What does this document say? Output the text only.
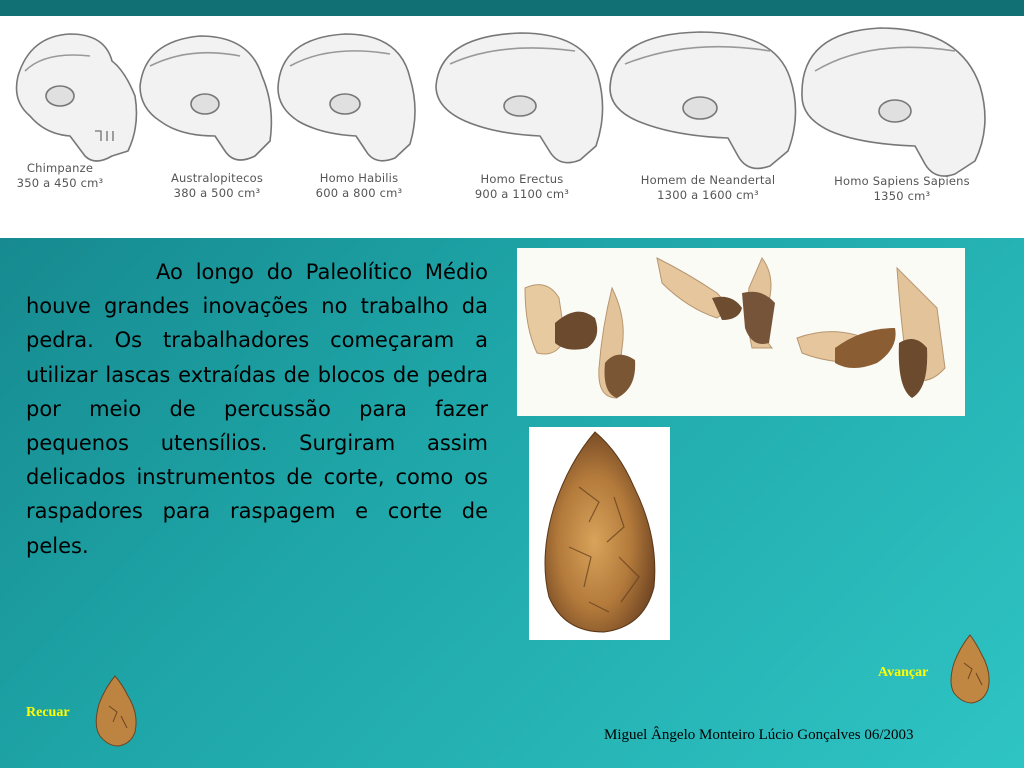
Chimpanze
350 a 450 cm³	Australopitecos
380 a 500 cm³
Homo Habilis
600 a 800 cm³
Homo Erectus
900 a 1100 cm³
Homem de Neandertal
1300 a 1600 cm³
Homo Sapiens Sapiens
1350 cm³

Ao longo do Paleolítico Médio houve grandes inovações no trabalho da pedra. Os trabalhadores começaram a utilizar lascas extraídas de blocos de pedra por meio de percussão para fazer pequenos utensílios. Surgiram assim delicados instrumentos de corte, como os raspadores para raspagem e corte de peles.

Avançar
Recuar
Miguel Ângelo Monteiro Lúcio Gonçalves 06/2003
